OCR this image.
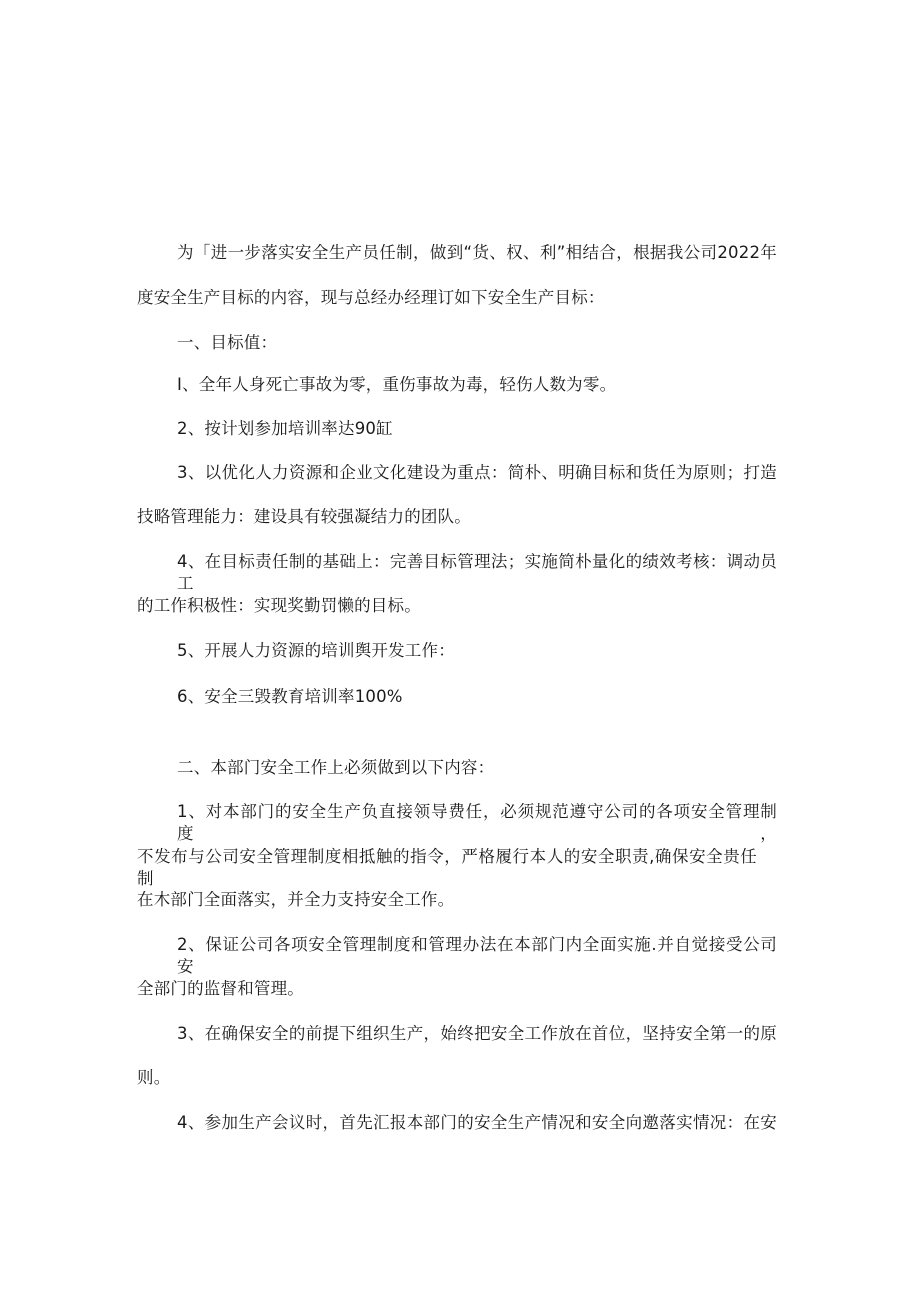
为「进一步落实安全生产员任制，做到“货、权、利”相结合，根据我公司2022年
度安全生产目标的内容，现与总经办经理订如下安全生产目标：
一、目标值：
I、全年人身死亡事故为零，重伤事故为毒，轻伤人数为零。
2、按计划参加培训率达90缸
3、以优化人力资源和企业文化建设为重点：简朴、明确目标和货任为原则；打造
技略管理能力：建设具有较强凝结力的团队。
4、在目标责任制的基础上：完善目标管理法；实施简朴量化的绩效考核：调动员工
的工作积极性：实现奖勤罚懒的目标。
5、开展人力资源的培训舆开发工作：
6、安全三毁教育培训率100%
二、本部门安全工作上必须做到以下内容：
1、对本部门的安全生产负直接领导费任，必须规范遵守公司的各项安全管理制度，
不发布与公司安全管理制度相抵触的指令，严格履行本人的安全职责,确保安全贵任制
在木部门全面落实，并全力支持安全工作。
2、保证公司各项安全管理制度和管理办法在本部门内全面实施.并自觉接受公司安
全部门的监督和管理。
3、在确保安全的前提下组织生产，始终把安全工作放在首位，坚持安全第一的原
则。
4、参加生产会议时，首先汇报本部门的安全生产情况和安全向邀落实情况：在安
